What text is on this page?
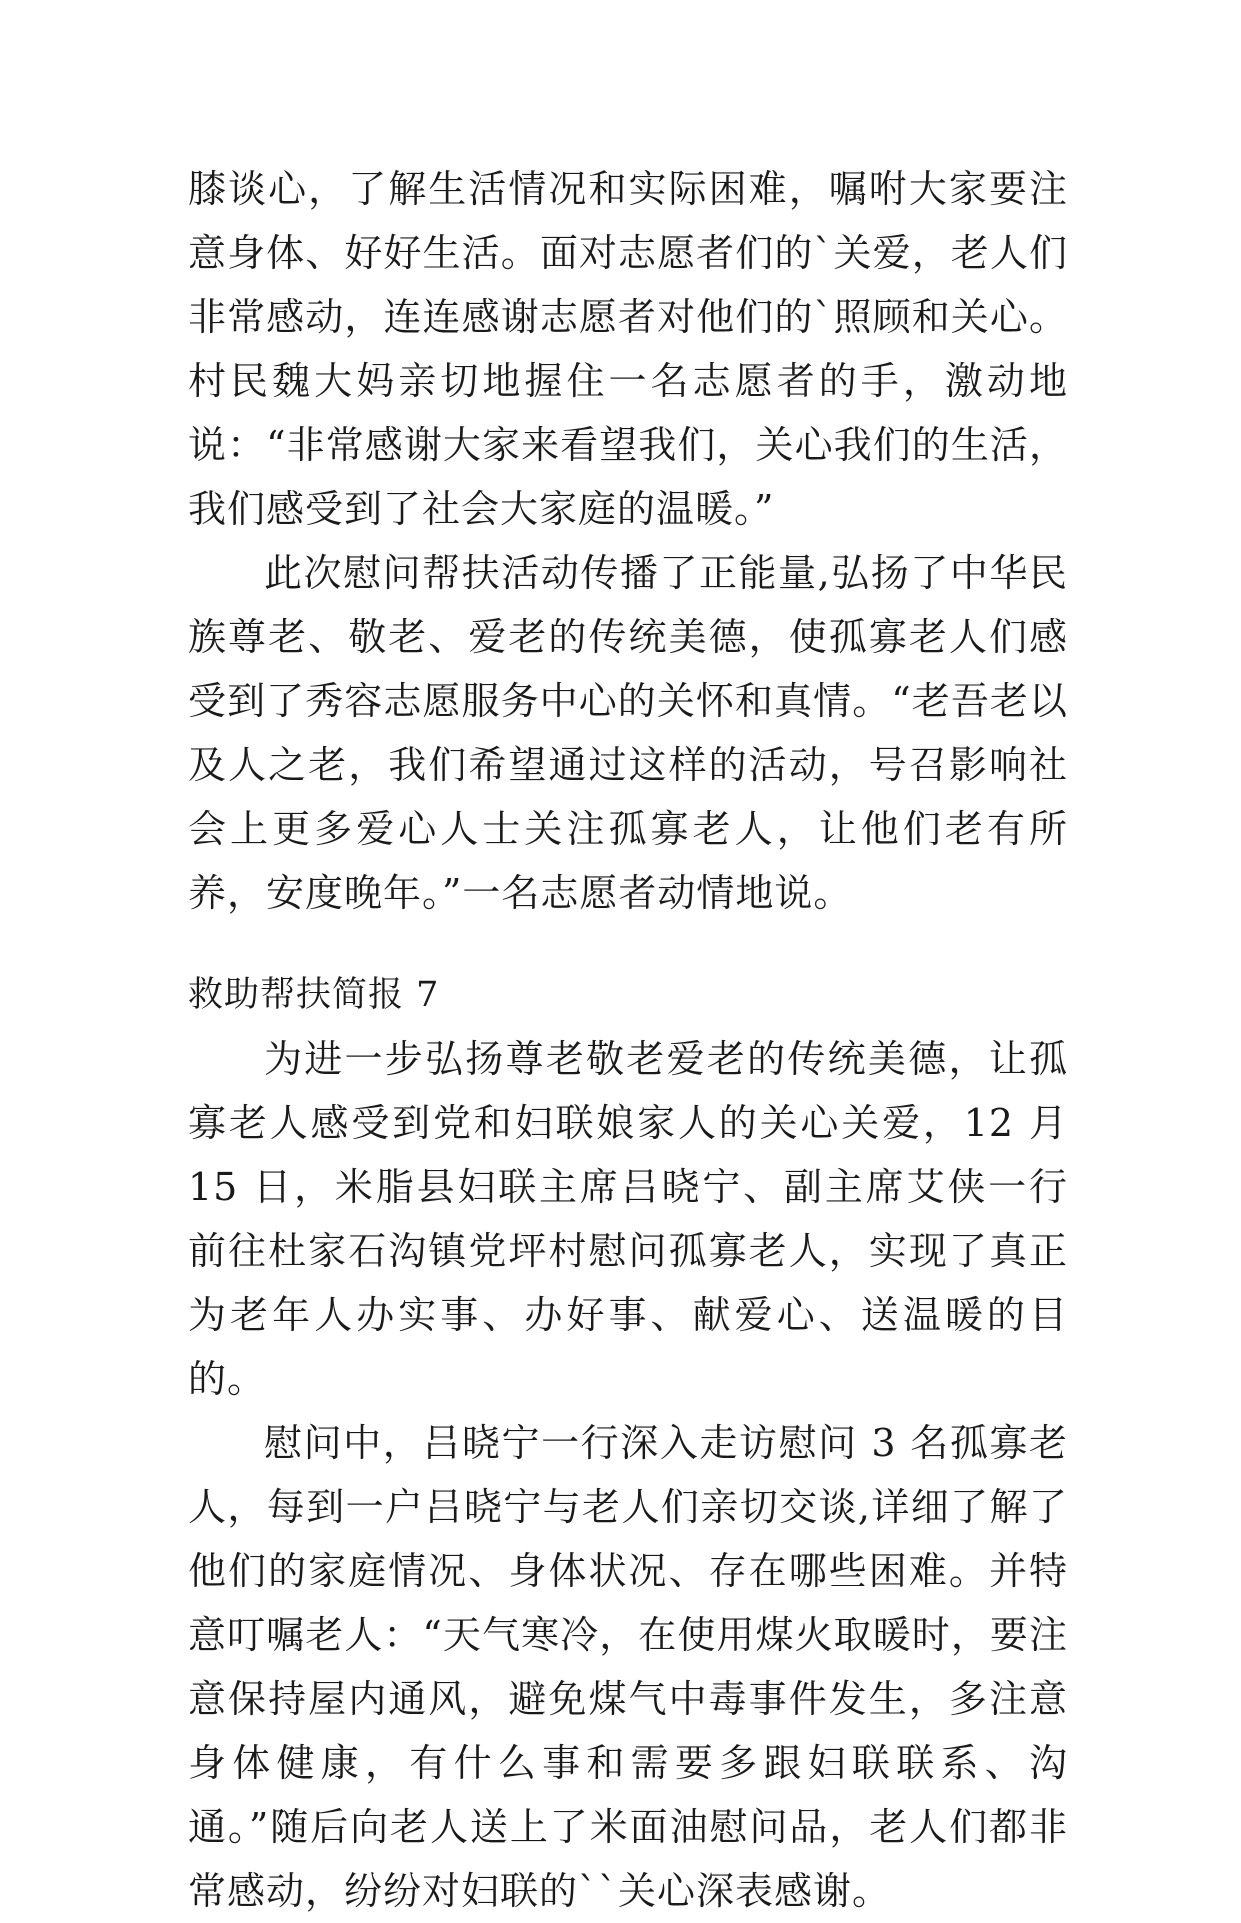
膝谈心，了解生活情况和实际困难，嘱咐大家要注意身体、好好生活。面对志愿者们的`关爱，老人们非常感动，连连感谢志愿者对他们的`照顾和关心。村民魏大妈亲切地握住一名志愿者的手，激动地说：“非常感谢大家来看望我们，关心我们的生活，我们感受到了社会大家庭的温暖。”

此次慰问帮扶活动传播了正能量,弘扬了中华民族尊老、敬老、爱老的传统美德，使孤寡老人们感受到了秀容志愿服务中心的关怀和真情。“老吾老以及人之老，我们希望通过这样的活动，号召影响社会上更多爱心人士关注孤寡老人，让他们老有所养，安度晚年。”一名志愿者动情地说。

救助帮扶简报 7

为进一步弘扬尊老敬老爱老的传统美德，让孤寡老人感受到党和妇联娘家人的关心关爱，12 月 15 日，米脂县妇联主席吕晓宁、副主席艾侠一行前往杜家石沟镇党坪村慰问孤寡老人，实现了真正为老年人办实事、办好事、献爱心、送温暖的目的。

慰问中，吕晓宁一行深入走访慰问 3 名孤寡老人，每到一户吕晓宁与老人们亲切交谈,详细了解了他们的家庭情况、身体状况、存在哪些困难。并特意叮嘱老人：“天气寒冷，在使用煤火取暖时，要注意保持屋内通风，避免煤气中毒事件发生，多注意身体健康，有什么事和需要多跟妇联联系、沟通。”随后向老人送上了米面油慰问品，老人们都非常感动，纷纷对妇联的``关心深表感谢。
